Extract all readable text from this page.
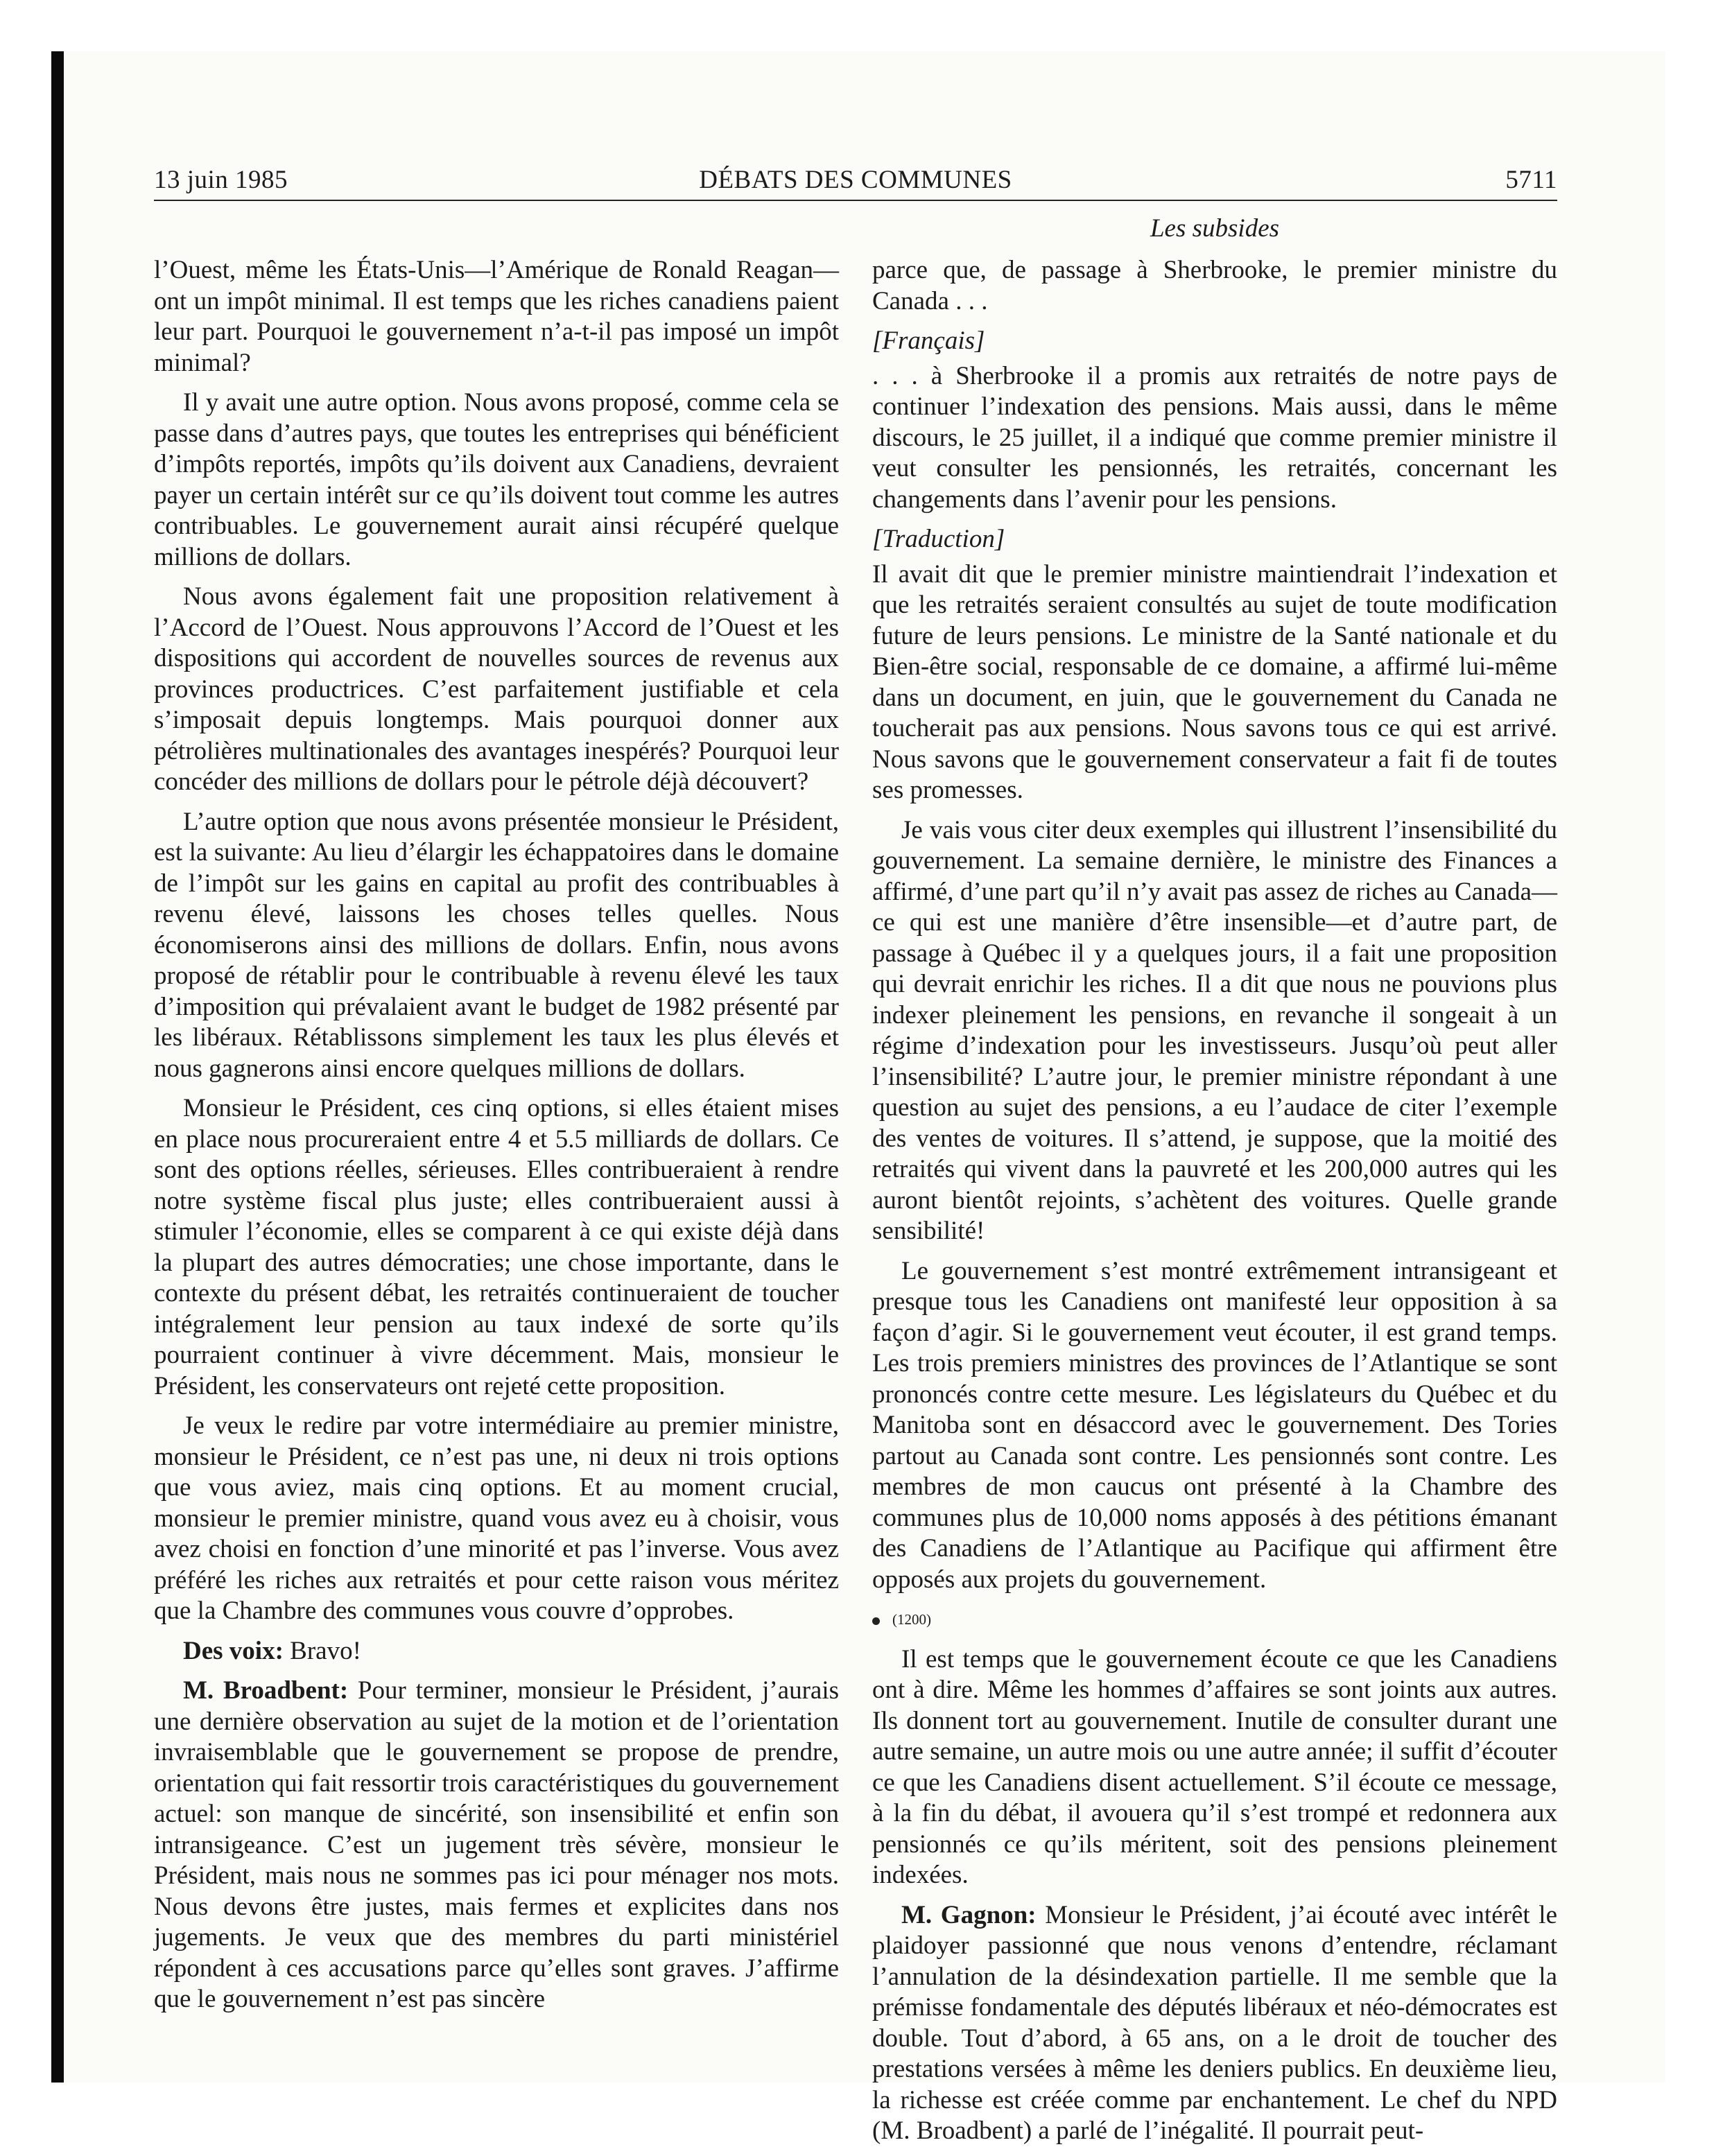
13 juin 1985	DÉBATS DES COMMUNES	5711
Les subsides

l’Ouest, même les États-Unis—l’Amérique de Ronald Reagan—ont un impôt minimal. Il est temps que les riches canadiens paient leur part. Pourquoi le gouvernement n’a-t-il pas imposé un impôt minimal?

Il y avait une autre option. Nous avons proposé, comme cela se passe dans d’autres pays, que toutes les entreprises qui bénéficient d’impôts reportés, impôts qu’ils doivent aux Canadiens, devraient payer un certain intérêt sur ce qu’ils doivent tout comme les autres contribuables. Le gouvernement aurait ainsi récupéré quelque millions de dollars.

Nous avons également fait une proposition relativement à l’Accord de l’Ouest. Nous approuvons l’Accord de l’Ouest et les dispositions qui accordent de nouvelles sources de revenus aux provinces productrices. C’est parfaitement justifiable et cela s’imposait depuis longtemps. Mais pourquoi donner aux pétrolières multinationales des avantages inespérés? Pourquoi leur concéder des millions de dollars pour le pétrole déjà découvert?

L’autre option que nous avons présentée monsieur le Président, est la suivante: Au lieu d’élargir les échappatoires dans le domaine de l’impôt sur les gains en capital au profit des contribuables à revenu élevé, laissons les choses telles quelles. Nous économiserons ainsi des millions de dollars. Enfin, nous avons proposé de rétablir pour le contribuable à revenu élevé les taux d’imposition qui prévalaient avant le budget de 1982 présenté par les libéraux. Rétablissons simplement les taux les plus élevés et nous gagnerons ainsi encore quelques millions de dollars.

Monsieur le Président, ces cinq options, si elles étaient mises en place nous procureraient entre 4 et 5.5 milliards de dollars. Ce sont des options réelles, sérieuses. Elles contribueraient à rendre notre système fiscal plus juste; elles contribueraient aussi à stimuler l’économie, elles se comparent à ce qui existe déjà dans la plupart des autres démocraties; une chose importante, dans le contexte du présent débat, les retraités continueraient de toucher intégralement leur pension au taux indexé de sorte qu’ils pourraient continuer à vivre décemment. Mais, monsieur le Président, les conservateurs ont rejeté cette proposition.

Je veux le redire par votre intermédiaire au premier ministre, monsieur le Président, ce n’est pas une, ni deux ni trois options que vous aviez, mais cinq options. Et au moment crucial, monsieur le premier ministre, quand vous avez eu à choisir, vous avez choisi en fonction d’une minorité et pas l’inverse. Vous avez préféré les riches aux retraités et pour cette raison vous méritez que la Chambre des communes vous couvre d’opprobes.

Des voix: Bravo!

M. Broadbent: Pour terminer, monsieur le Président, j’aurais une dernière observation au sujet de la motion et de l’orientation invraisemblable que le gouvernement se propose de prendre, orientation qui fait ressortir trois caractéristiques du gouvernement actuel: son manque de sincérité, son insensibilité et enfin son intransigeance. C’est un jugement très sévère, monsieur le Président, mais nous ne sommes pas ici pour ménager nos mots. Nous devons être justes, mais fermes et explicites dans nos jugements. Je veux que des membres du parti ministériel répondent à ces accusations parce qu’elles sont graves. J’affirme que le gouvernement n’est pas sincère

parce que, de passage à Sherbrooke, le premier ministre du Canada . . .

[Français]

. . . à Sherbrooke il a promis aux retraités de notre pays de continuer l’indexation des pensions. Mais aussi, dans le même discours, le 25 juillet, il a indiqué que comme premier ministre il veut consulter les pensionnés, les retraités, concernant les changements dans l’avenir pour les pensions.

[Traduction]

Il avait dit que le premier ministre maintiendrait l’indexation et que les retraités seraient consultés au sujet de toute modification future de leurs pensions. Le ministre de la Santé nationale et du Bien-être social, responsable de ce domaine, a affirmé lui-même dans un document, en juin, que le gouvernement du Canada ne toucherait pas aux pensions. Nous savons tous ce qui est arrivé. Nous savons que le gouvernement conservateur a fait fi de toutes ses promesses.

Je vais vous citer deux exemples qui illustrent l’insensibilité du gouvernement. La semaine dernière, le ministre des Finances a affirmé, d’une part qu’il n’y avait pas assez de riches au Canada—ce qui est une manière d’être insensible—et d’autre part, de passage à Québec il y a quelques jours, il a fait une proposition qui devrait enrichir les riches. Il a dit que nous ne pouvions plus indexer pleinement les pensions, en revanche il songeait à un régime d’indexation pour les investisseurs. Jusqu’où peut aller l’insensibilité? L’autre jour, le premier ministre répondant à une question au sujet des pensions, a eu l’audace de citer l’exemple des ventes de voitures. Il s’attend, je suppose, que la moitié des retraités qui vivent dans la pauvreté et les 200,000 autres qui les auront bientôt rejoints, s’achètent des voitures. Quelle grande sensibilité!

Le gouvernement s’est montré extrêmement intransigeant et presque tous les Canadiens ont manifesté leur opposition à sa façon d’agir. Si le gouvernement veut écouter, il est grand temps. Les trois premiers ministres des provinces de l’Atlantique se sont prononcés contre cette mesure. Les législateurs du Québec et du Manitoba sont en désaccord avec le gouvernement. Des Tories partout au Canada sont contre. Les pensionnés sont contre. Les membres de mon caucus ont présenté à la Chambre des communes plus de 10,000 noms apposés à des pétitions émanant des Canadiens de l’Atlantique au Pacifique qui affirment être opposés aux projets du gouvernement.

(1200)

Il est temps que le gouvernement écoute ce que les Canadiens ont à dire. Même les hommes d’affaires se sont joints aux autres. Ils donnent tort au gouvernement. Inutile de consulter durant une autre semaine, un autre mois ou une autre année; il suffit d’écouter ce que les Canadiens disent actuellement. S’il écoute ce message, à la fin du débat, il avouera qu’il s’est trompé et redonnera aux pensionnés ce qu’ils méritent, soit des pensions pleinement indexées.

M. Gagnon: Monsieur le Président, j’ai écouté avec intérêt le plaidoyer passionné que nous venons d’entendre, réclamant l’annulation de la désindexation partielle. Il me semble que la prémisse fondamentale des députés libéraux et néo-démocrates est double. Tout d’abord, à 65 ans, on a le droit de toucher des prestations versées à même les deniers publics. En deuxième lieu, la richesse est créée comme par enchantement. Le chef du NPD (M. Broadbent) a parlé de l’inégalité. Il pourrait peut-
